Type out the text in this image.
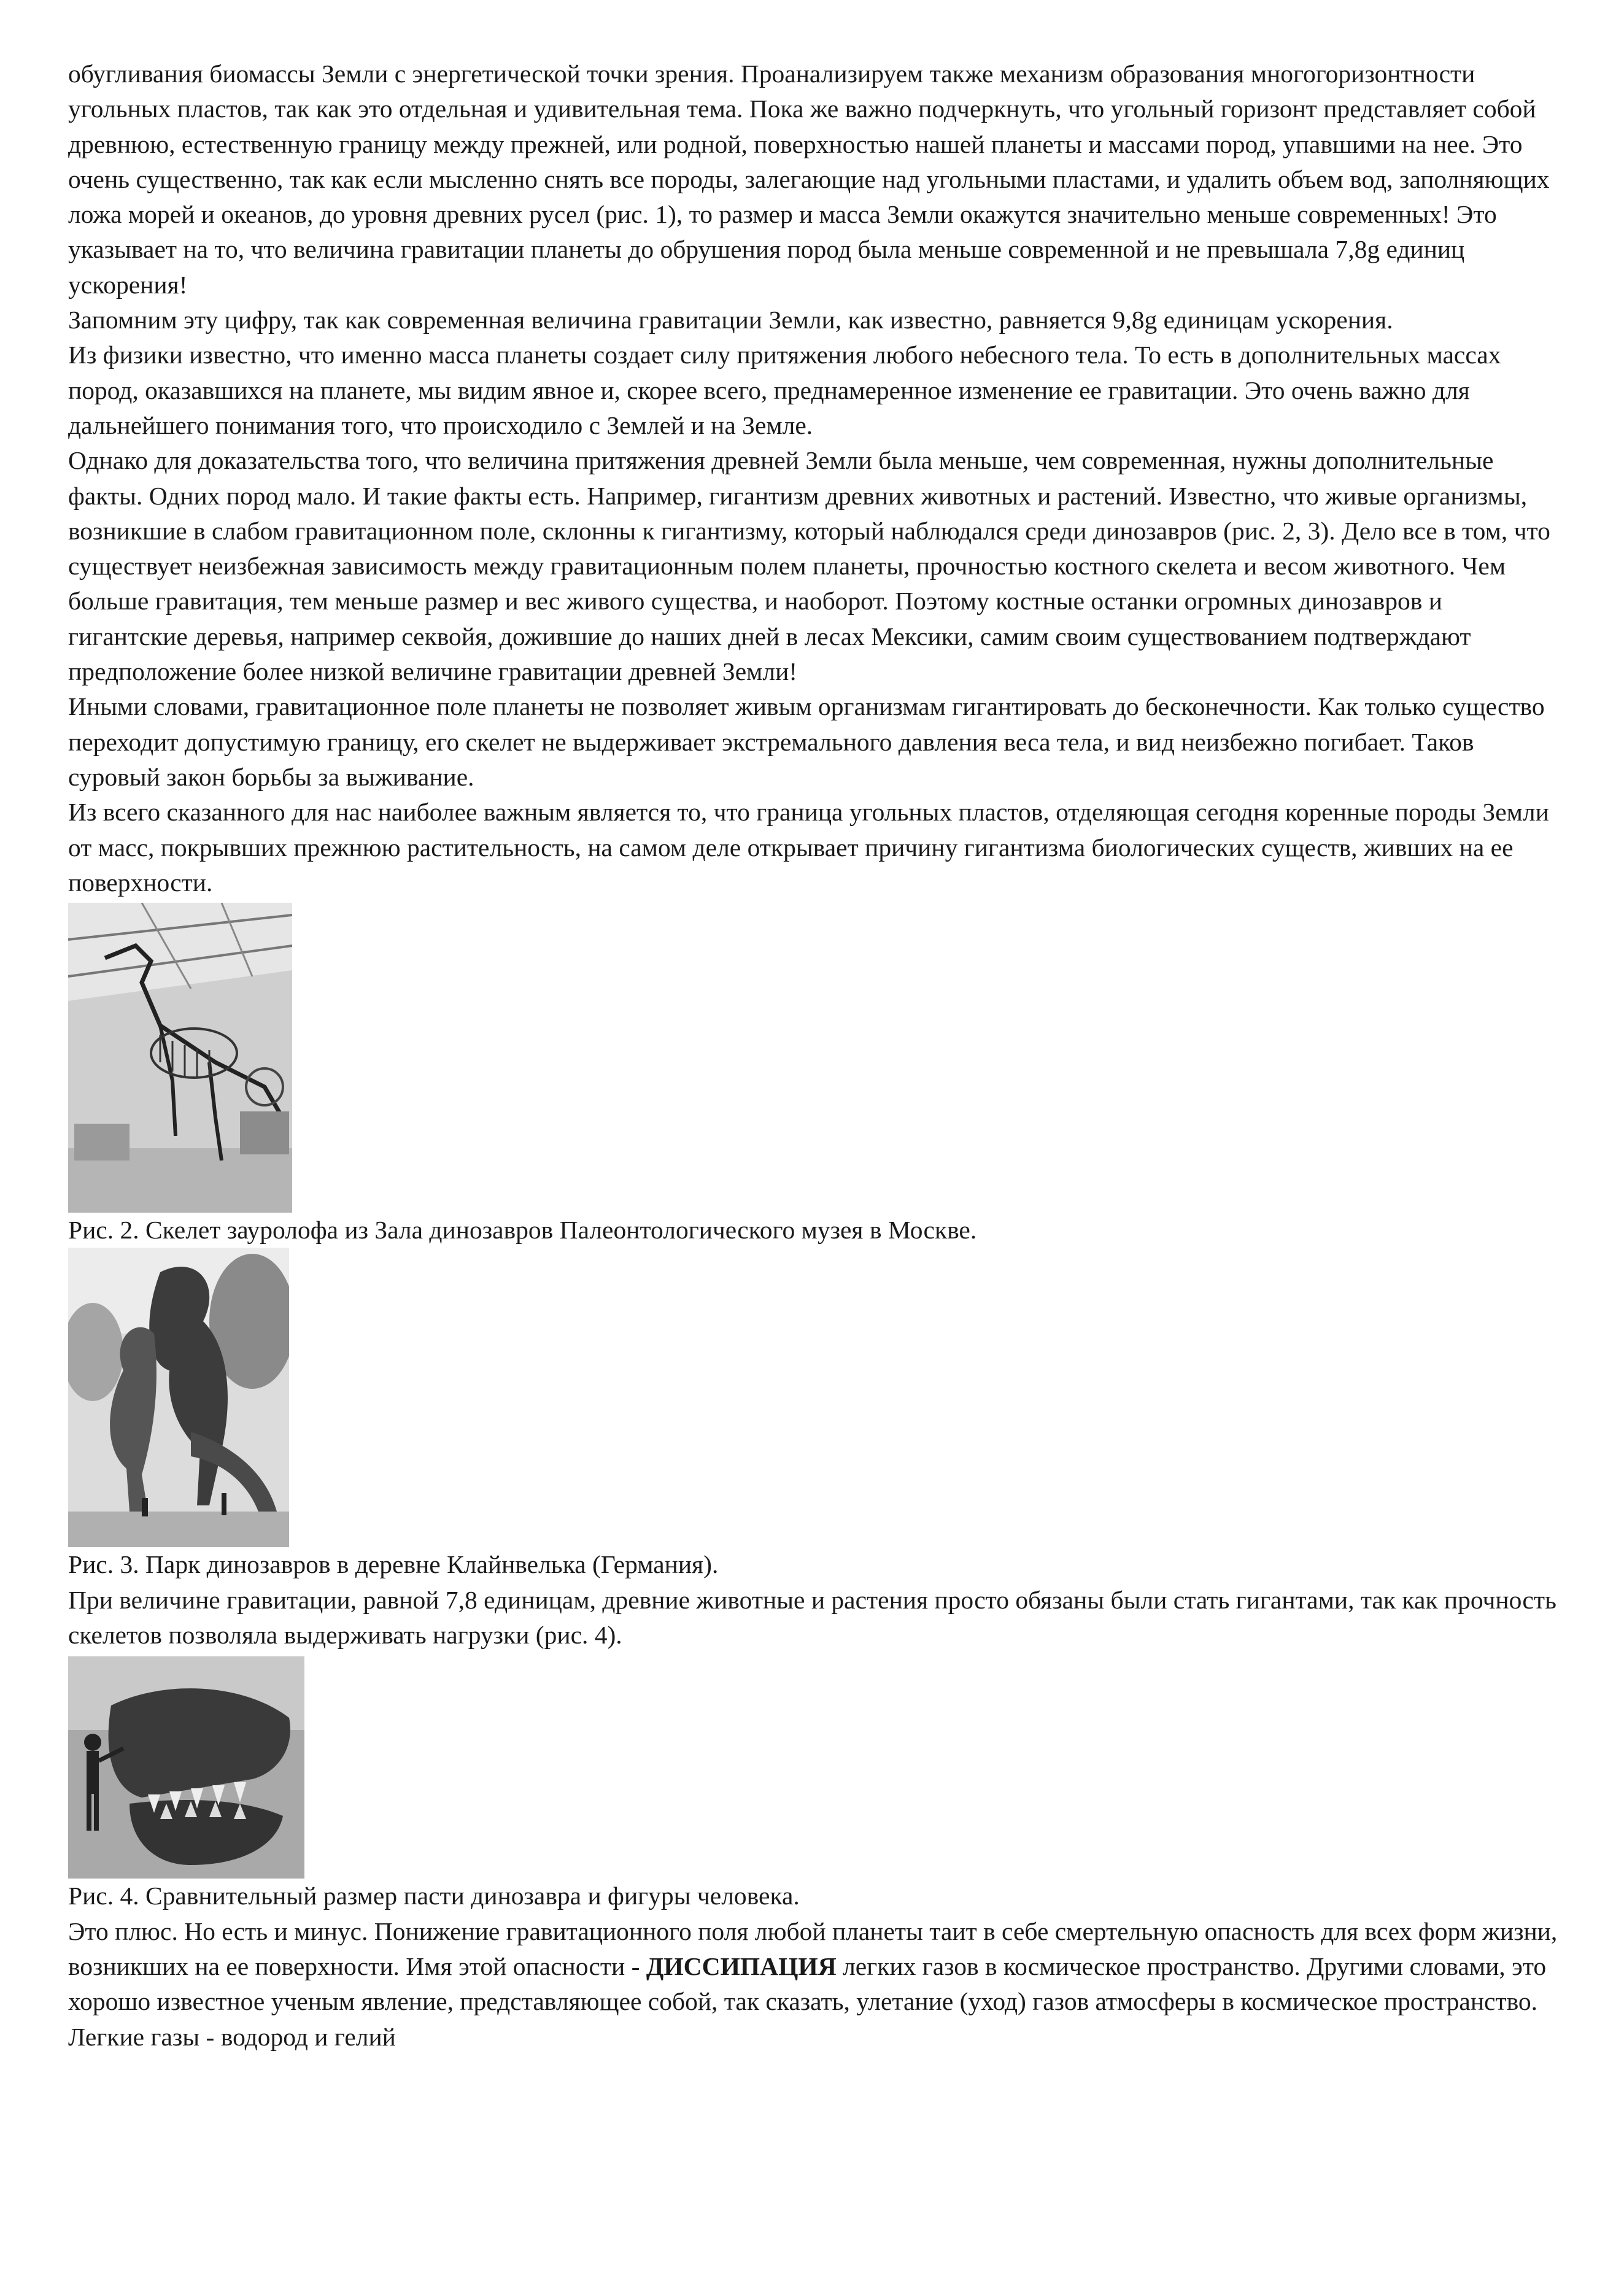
обугливания биомассы Земли с энергетической точки зрения. Проанализируем также механизм образования многогоризонтности угольных пластов, так как это отдельная и удивительная тема. Пока же важно подчеркнуть, что угольный горизонт представляет собой древнюю, естественную границу между прежней, или родной, поверхностью нашей планеты и массами пород, упавшими на нее. Это очень существенно, так как если мысленно снять все породы, залегающие над угольными пластами, и удалить объем вод, заполняющих ложа морей и океанов, до уровня древних русел (рис. 1), то размер и масса Земли окажутся значительно меньше современных! Это указывает на то, что величина гравитации планеты до обрушения пород была меньше современной и не превышала 7,8g единиц ускорения!

Запомним эту цифру, так как современная величина гравитации Земли, как известно, равняется 9,8g единицам ускорения.

Из физики известно, что именно масса планеты создает силу притяжения любого небесного тела. То есть в дополнительных массах пород, оказавшихся на планете, мы видим явное и, скорее всего, преднамеренное изменение ее гравитации. Это очень важно для дальнейшего понимания того, что происходило с Землей и на Земле.

Однако для доказательства того, что величина притяжения древней Земли была меньше, чем современная, нужны дополнительные факты. Одних пород мало. И такие факты есть. Например, гигантизм древних животных и растений. Известно, что живые организмы, возникшие в слабом гравитационном поле, склонны к гигантизму, который наблюдался среди динозавров (рис. 2, 3). Дело все в том, что существует неизбежная зависимость между гравитационным полем планеты, прочностью костного скелета и весом животного. Чем больше гравитация, тем меньше размер и вес живого существа, и наоборот. Поэтому костные останки огромных динозавров и гигантские деревья, например секвойя, дожившие до наших дней в лесах Мексики, самим своим существованием подтверждают предположение более низкой величине гравитации древней Земли!

Иными словами, гравитационное поле планеты не позволяет живым организмам гигантировать до бесконечности. Как только существо переходит допустимую границу, его скелет не выдерживает экстремального давления веса тела, и вид неизбежно погибает. Таков суровый закон борьбы за выживание.

Из всего сказанного для нас наиболее важным является то, что граница угольных пластов, отделяющая сегодня коренные породы Земли от масс, покрывших прежнюю растительность, на самом деле открывает причину гигантизма биологических существ, живших на ее поверхности.

Рис. 2. Скелет зауролофа из Зала динозавров Палеонтологического музея в Москве.

Рис. 3. Парк динозавров в деревне Клайнвелька (Германия).

При величине гравитации, равной 7,8 единицам, древние животные и растения просто обязаны были стать гигантами, так как прочность скелетов позволяла выдерживать нагрузки (рис. 4).

Рис. 4. Сравнительный размер пасти динозавра и фигуры человека.

Это плюс. Но есть и минус. Понижение гравитационного поля любой планеты таит в себе смертельную опасность для всех форм жизни, возникших на ее поверхности. Имя этой опасности - ДИССИПАЦИЯ легких газов в космическое пространство. Другими словами, это хорошо известное ученым явление, представляющее собой, так сказать, улетание (уход) газов атмосферы в космическое пространство. Легкие газы - водород и гелий
